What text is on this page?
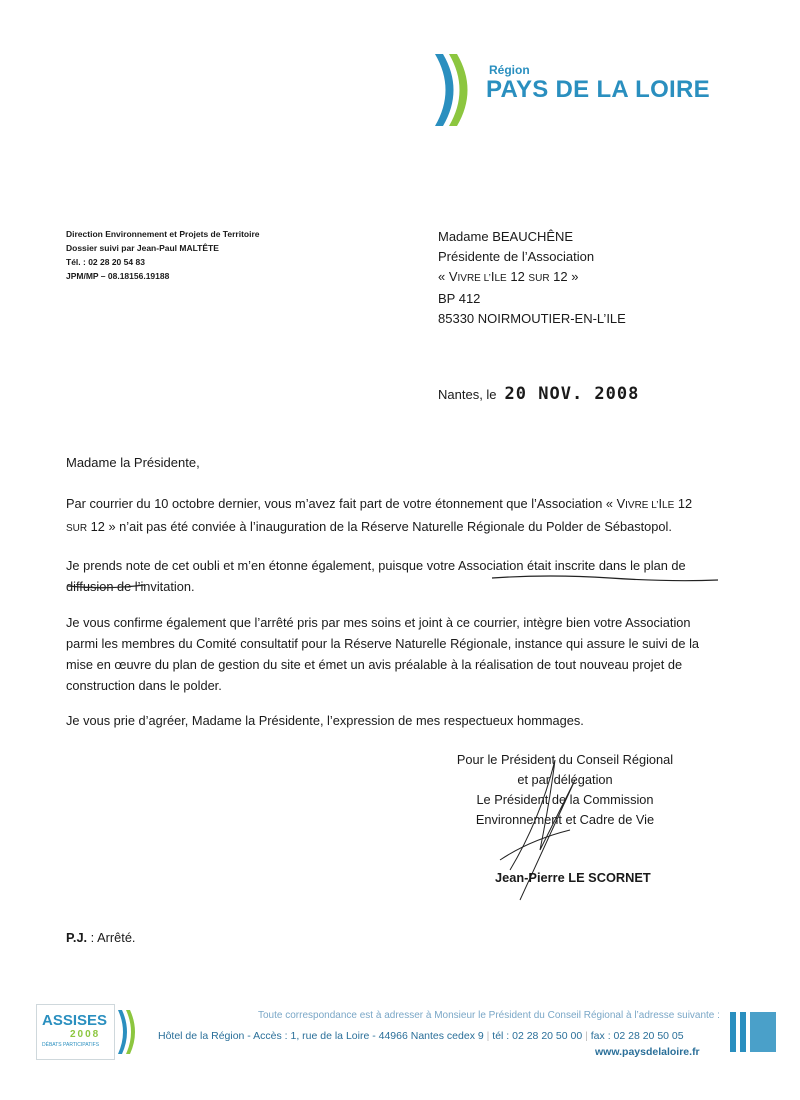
Région
PAYS DE LA LOIRE
Direction Environnement et Projets de Territoire
Dossier suivi par Jean-Paul MALTÊTE
Tél. : 02 28 20 54 83
JPM/MP – 08.18156.19188
Madame BEAUCHÊNE
Présidente de l’Association
« VIVRE L’ILE 12 SUR 12 »
BP 412
85330 NOIRMOUTIER-EN-L’ILE
Nantes, le 20 NOV. 2008
Madame la Présidente,
Par courrier du 10 octobre dernier, vous m’avez fait part de votre étonnement que l’Association « VIVRE L’ILE 12 SUR 12 » n’ait pas été conviée à l’inauguration de la Réserve Naturelle Régionale du Polder de Sébastopol.
Je prends note de cet oubli et m’en étonne également, puisque votre Association était inscrite dans le plan de diffusion de l’invitation.
Je vous confirme également que l’arrêté pris par mes soins et joint à ce courrier, intègre bien votre Association parmi les membres du Comité consultatif pour la Réserve Naturelle Régionale, instance qui assure le suivi de la mise en œuvre du plan de gestion du site et émet un avis préalable à la réalisation de tout nouveau projet de construction dans le polder.
Je vous prie d’agréer, Madame la Présidente, l’expression de mes respectueux hommages.
Pour le Président du Conseil Régional
et par délégation
Le Président de la Commission
Environnement et Cadre de Vie
Jean-Pierre LE SCORNET
P.J. : Arrêté.
ASSISES
2008
DÉBATS PARTICIPATIFS
Toute correspondance est à adresser à Monsieur le Président du Conseil Régional à l’adresse suivante :
Hôtel de la Région - Accès : 1, rue de la Loire - 44966 Nantes cedex 9 | tél : 02 28 20 50 00 | fax : 02 28 20 50 05
www.paysdelaloire.fr
